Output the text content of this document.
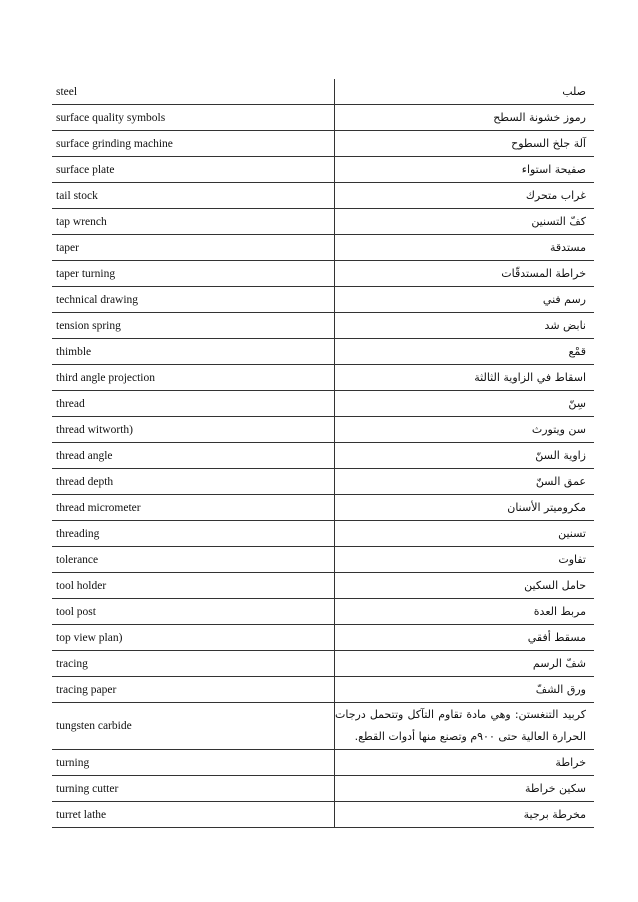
steel	صلب
surface quality symbols	رموز خشونة السطح
surface grinding machine	آلة جلخ السطوح
surface plate	صفيحة استواء
tail stock	غراب متحرك
tap wrench	كفّ التسنين
taper	مستدقة
taper turning	خراطة المستدقّات
technical drawing	رسم فني
tension spring	نابض شد
thimble	قمْع
third angle projection	اسقاط في الزاوية الثالثة
thread	سِنّ
thread witworth)	سن ويتورث
thread angle	زاوية السنّ
thread depth	عمق السنّ
thread micrometer	مكروميتر الأسنان
threading	تسنين
tolerance	تفاوت
tool holder	حامل السكين
tool post	مربط العدة
top view plan)	مسقط أفقي
tracing	شفّ الرسم
tracing paper	ورق الشفّ
tungsten carbide	كربيد التنغستن: وهي مادة تقاوم التآكل وتتحمل درجات الحرارة العالية حتى ٩٠٠م وتصنع منها أدوات القطع.
turning	خراطة
turning cutter	سكين خراطة
turret lathe	مخرطة برجية
